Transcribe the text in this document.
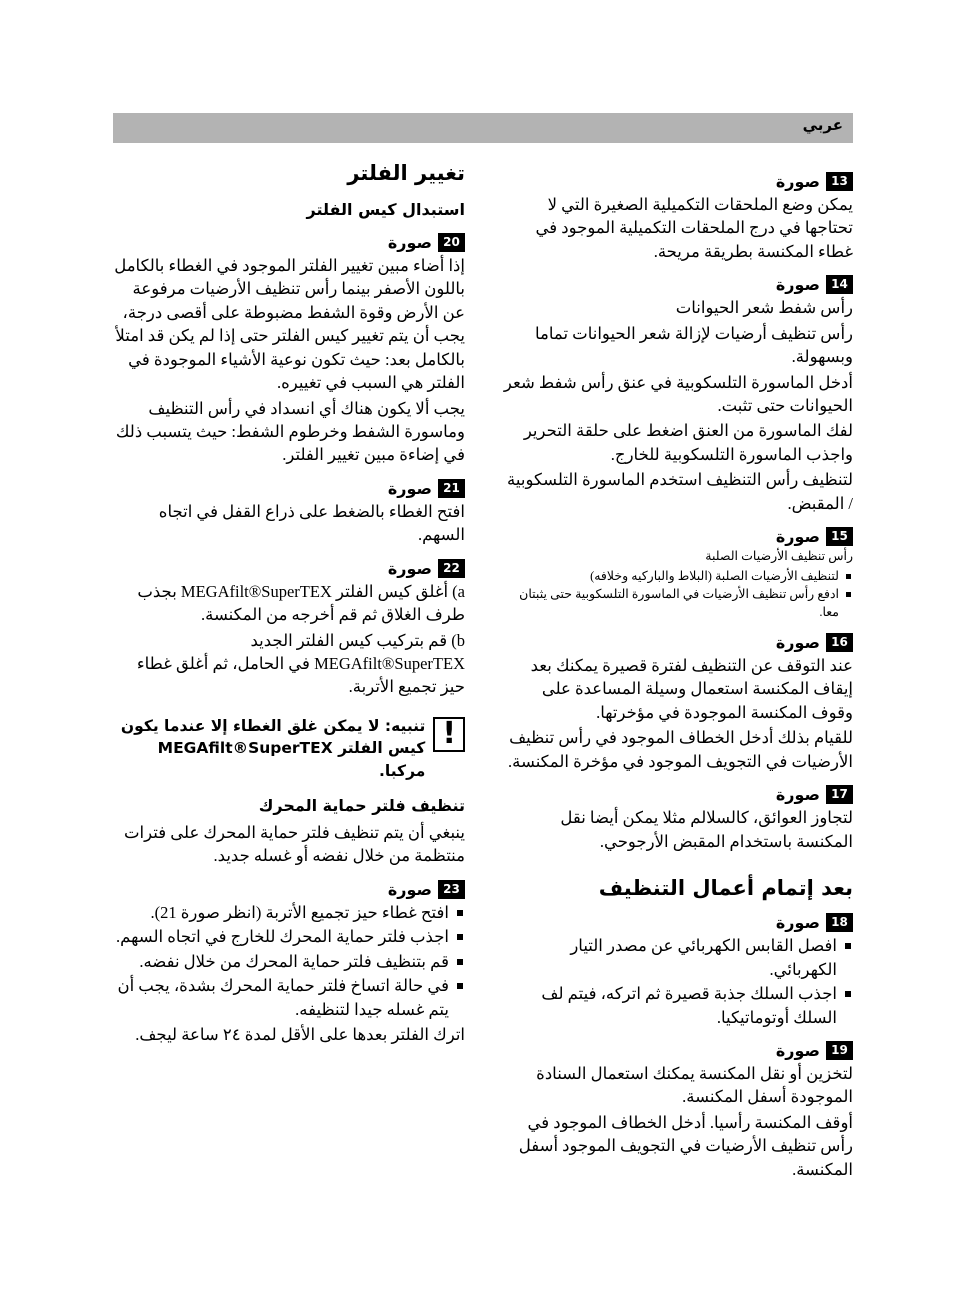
عربي
13
صورة

يمكن وضع الملحقات التكميلية الصغيرة التي لا تحتاجها في درج الملحقات التكميلية الموجود في غطاء المكنسة بطريقة مريحة.

14
صورة

رأس شفط شعر الحيوانات

رأس تنظيف أرضيات لإزالة شعر الحيوانات تماما وبسهولة.

أدخل الماسورة التلسكوبية في عنق رأس شفط شعر الحيوانات حتى تثبت.

لفك الماسورة من العنق اضغط على حلقة التحرير واجذب الماسورة التلسكوبية للخارج.

لتنظيف رأس التنظيف استخدم الماسورة التلسكوبية / المقبض.

15
صورة

رأس تنظيف الأرضيات الصلبة

لتنظيف الأرضيات الصلبة (البلاط والباركيه وخلافه)
ادفع رأس تنظيف الأرضيات في الماسورة التلسكوبية حتى يثبتان معا.
16
صورة

عند التوقف عن التنظيف لفترة قصيرة يمكنك بعد إيقاف المكنسة استعمال وسيلة المساعدة على وقوف المكنسة الموجودة في مؤخرتها.

للقيام بذلك أدخل الخطاف الموجود في رأس تنظيف الأرضيات في التجويف الموجود في مؤخرة المكنسة.

17
صورة

لتجاوز العوائق، كالسلالم مثلا يمكن أيضا نقل المكنسة باستخدام المقبض الأرجوحي.

بعد إتمام أعمال التنظيف
18
صورة
افصل القابس الكهربائي عن مصدر التيار الكهربائي.
اجذب السلك جذبة قصيرة ثم اتركه، فيتم لف السلك أوتوماتيكيا.
19
صورة

لتخزين أو نقل المكنسة يمكنك استعمال السنادة الموجودة أسفل المكنسة.

أوقف المكنسة رأسيا. أدخل الخطاف الموجود في رأس تنظيف الأرضيات في التجويف الموجود أسفل المكنسة.

تغيير الفلتر
استبدال كيس الفلتر
20
صورة

إذا أضاء مبين تغيير الفلتر الموجود في الغطاء بالكامل باللون الأصفر بينما رأس تنظيف الأرضيات مرفوعة عن الأرض وقوة الشفط مضبوطة على أقصى درجة، يجب أن يتم تغيير كيس الفلتر حتى إذا لم يكن قد امتلأ بالكامل بعد: حيث تكون نوعية الأشياء الموجودة في الفلتر هي السبب في تغييره.

يجب ألا يكون هناك أي انسداد في رأس التنظيف وماسورة الشفط وخرطوم الشفط: حيث يتسبب ذلك في إضاءة مبين تغيير الفلتر.

21
صورة

افتح الغطاء بالضغط على ذراع القفل في اتجاه السهم.

22
صورة

a) أغلق كيس الفلتر MEGAfilt®SuperTEX بجذب طرف الغلاق ثم قم أخرجه من المكنسة.

b) قم بتركيب كيس الفلتر الجديد MEGAfilt®SuperTEX في الحامل، ثم أغلق غطاء حيز تجميع الأتربة.

!
تنبيه: لا يمكن غلق الغطاء إلا عندما يكون كيس الفلتر MEGAfilt®SuperTEX مركبا.
تنظيف فلتر حماية المحرك

ينبغي أن يتم تنظيف فلتر حماية المحرك على فترات منتظمة من خلال نفضه أو غسله جديد.

23
صورة
افتح غطاء حيز تجميع الأتربة (انظر صورة 21).
اجذب فلتر حماية المحرك للخارج في اتجاه السهم.
قم بتنظيف فلتر حماية المحرك من خلال نفضه.
في حالة اتساخ فلتر حماية المحرك بشدة، يجب أن يتم غسله جيدا لتنظيفه.

اترك الفلتر بعدها على الأقل لمدة ٢٤ ساعة ليجف.
